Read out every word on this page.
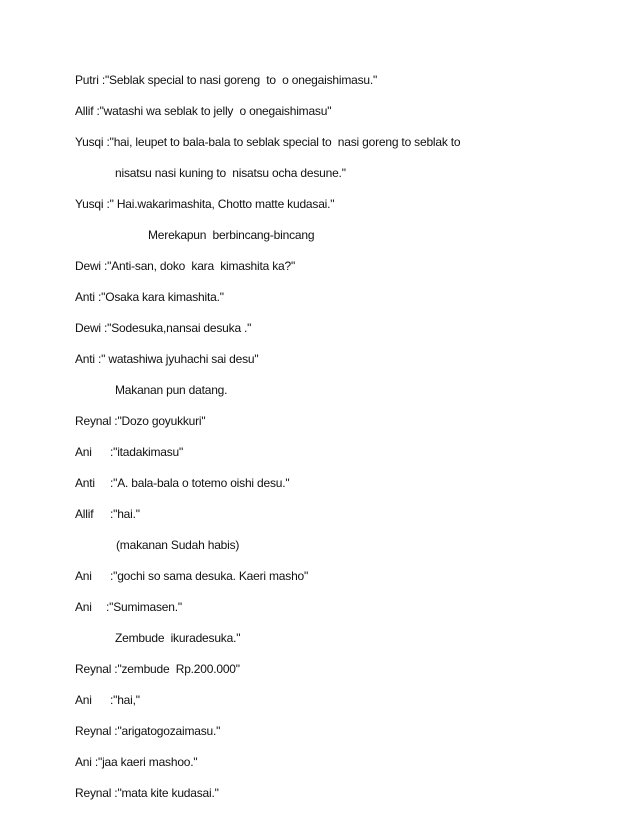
Putri :"Seblak special to nasi goreng  to  o onegaishimasu."
Allif :"watashi wa seblak to jelly  o onegaishimasu"
Yusqi :"hai, leupet to bala-bala to seblak special to  nasi goreng to seblak to
nisatsu nasi kuning to  nisatsu ocha desune."
Yusqi :" Hai.wakarimashita, Chotto matte kudasai."
Merekapun  berbincang-bincang
Dewi :"Anti-san, doko  kara  kimashita ka?"
Anti :"Osaka kara kimashita."
Dewi :"Sodesuka,nansai desuka ."
Anti :" watashiwa jyuhachi sai desu"
Makanan pun datang.
Reynal :"Dozo goyukkuri"
Ani :"itadakimasu"
Anti :"A. bala-bala o totemo oishi desu."
Allif :"hai."
(makanan Sudah habis)
Ani :"gochi so sama desuka. Kaeri masho"
Ani :"Sumimasen."
Zembude  ikuradesuka."
Reynal :"zembude  Rp.200.000"
Ani :"hai,"
Reynal :"arigatogozaimasu."
Ani :"jaa kaeri mashoo."
Reynal :"mata kite kudasai."
